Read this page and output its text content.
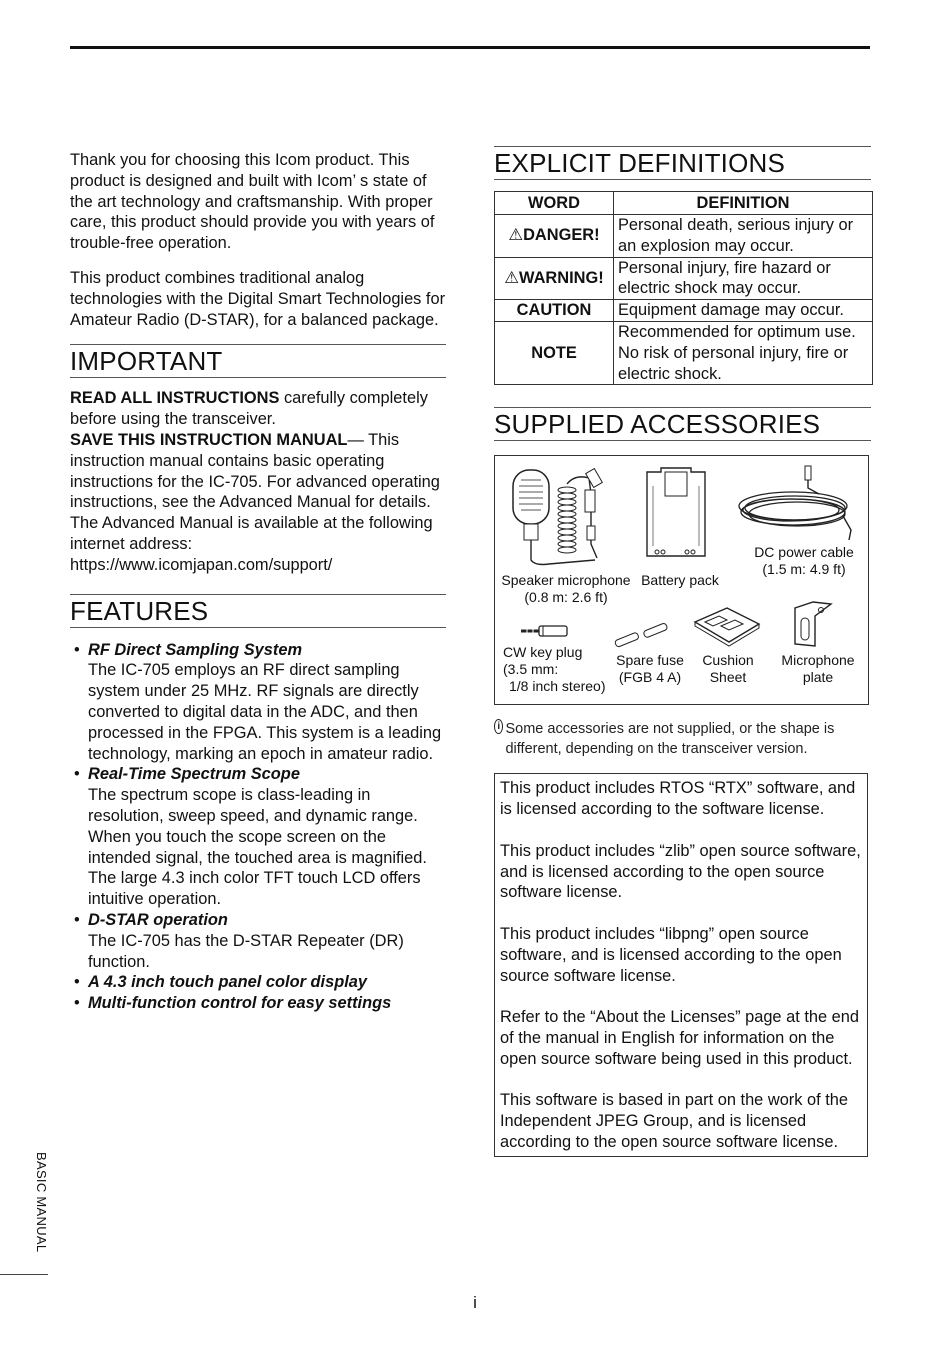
Thank you for choosing this Icom product. This product is designed and built with Icom’ s state of the art technology and craftsmanship. With proper care, this product should provide you with years of trouble-free operation.

This product combines traditional analog technologies with the Digital Smart Technologies for Amateur Radio (D-STAR), for a balanced package.

IMPORTANT

READ ALL INSTRUCTIONS carefully completely before using the transceiver.

SAVE THIS INSTRUCTION MANUAL— This instruction manual contains basic operating instructions for the IC-705. For advanced operating instructions, see the Advanced Manual for details.

The Advanced Manual is available at the following internet address:

https://www.icomjapan.com/support/

FEATURES
• RF Direct Sampling System
The IC-705 employs an RF direct sampling system under 25 MHz. RF signals are directly converted to digital data in the ADC, and then processed in the FPGA. This system is a leading technology, marking an epoch in amateur radio.
• Real-Time Spectrum Scope
The spectrum scope is class-leading in resolution, sweep speed, and dynamic range. When you touch the scope screen on the intended signal, the touched area is magnified. The large 4.3 inch color TFT touch LCD offers intuitive operation.
• D-STAR operation
The IC-705 has the D-STAR Repeater (DR) function.
• A 4.3 inch touch panel color display
• Multi-function control for easy settings
EXPLICIT DEFINITIONS
WORD	DEFINITION
⚠DANGER!	Personal death, serious injury or an explosion may occur.
⚠WARNING!	Personal injury, fire hazard or electric shock may occur.
CAUTION	Equipment damage may occur.
NOTE	Recommended for optimum use. No risk of personal injury, fire or electric shock.
SUPPLIED ACCESSORIES
Speaker microphone
(0.8 m: 2.6 ft)
Battery pack
DC power cable
(1.5 m: 4.9 ft)
CW key plug
(3.5 mm:
1/8 inch stereo)
Spare fuse
(FGB 4 A)
Cushion
Sheet
Microphone
plate
i Some accessories are not supplied, or the shape is different, depending on the transceiver version.

This product includes RTOS “RTX” software, and is licensed according to the software license.

This product includes “zlib” open source software, and is licensed according to the open source software license.

This product includes “libpng” open source software, and is licensed according to the open source software license.

Refer to the “About the Licenses” page at the end of the manual in English for information on the open source software being used in this product.

This software is based in part on the work of the Independent JPEG Group, and is licensed according to the open source software license.

BASIC MANUAL
i
